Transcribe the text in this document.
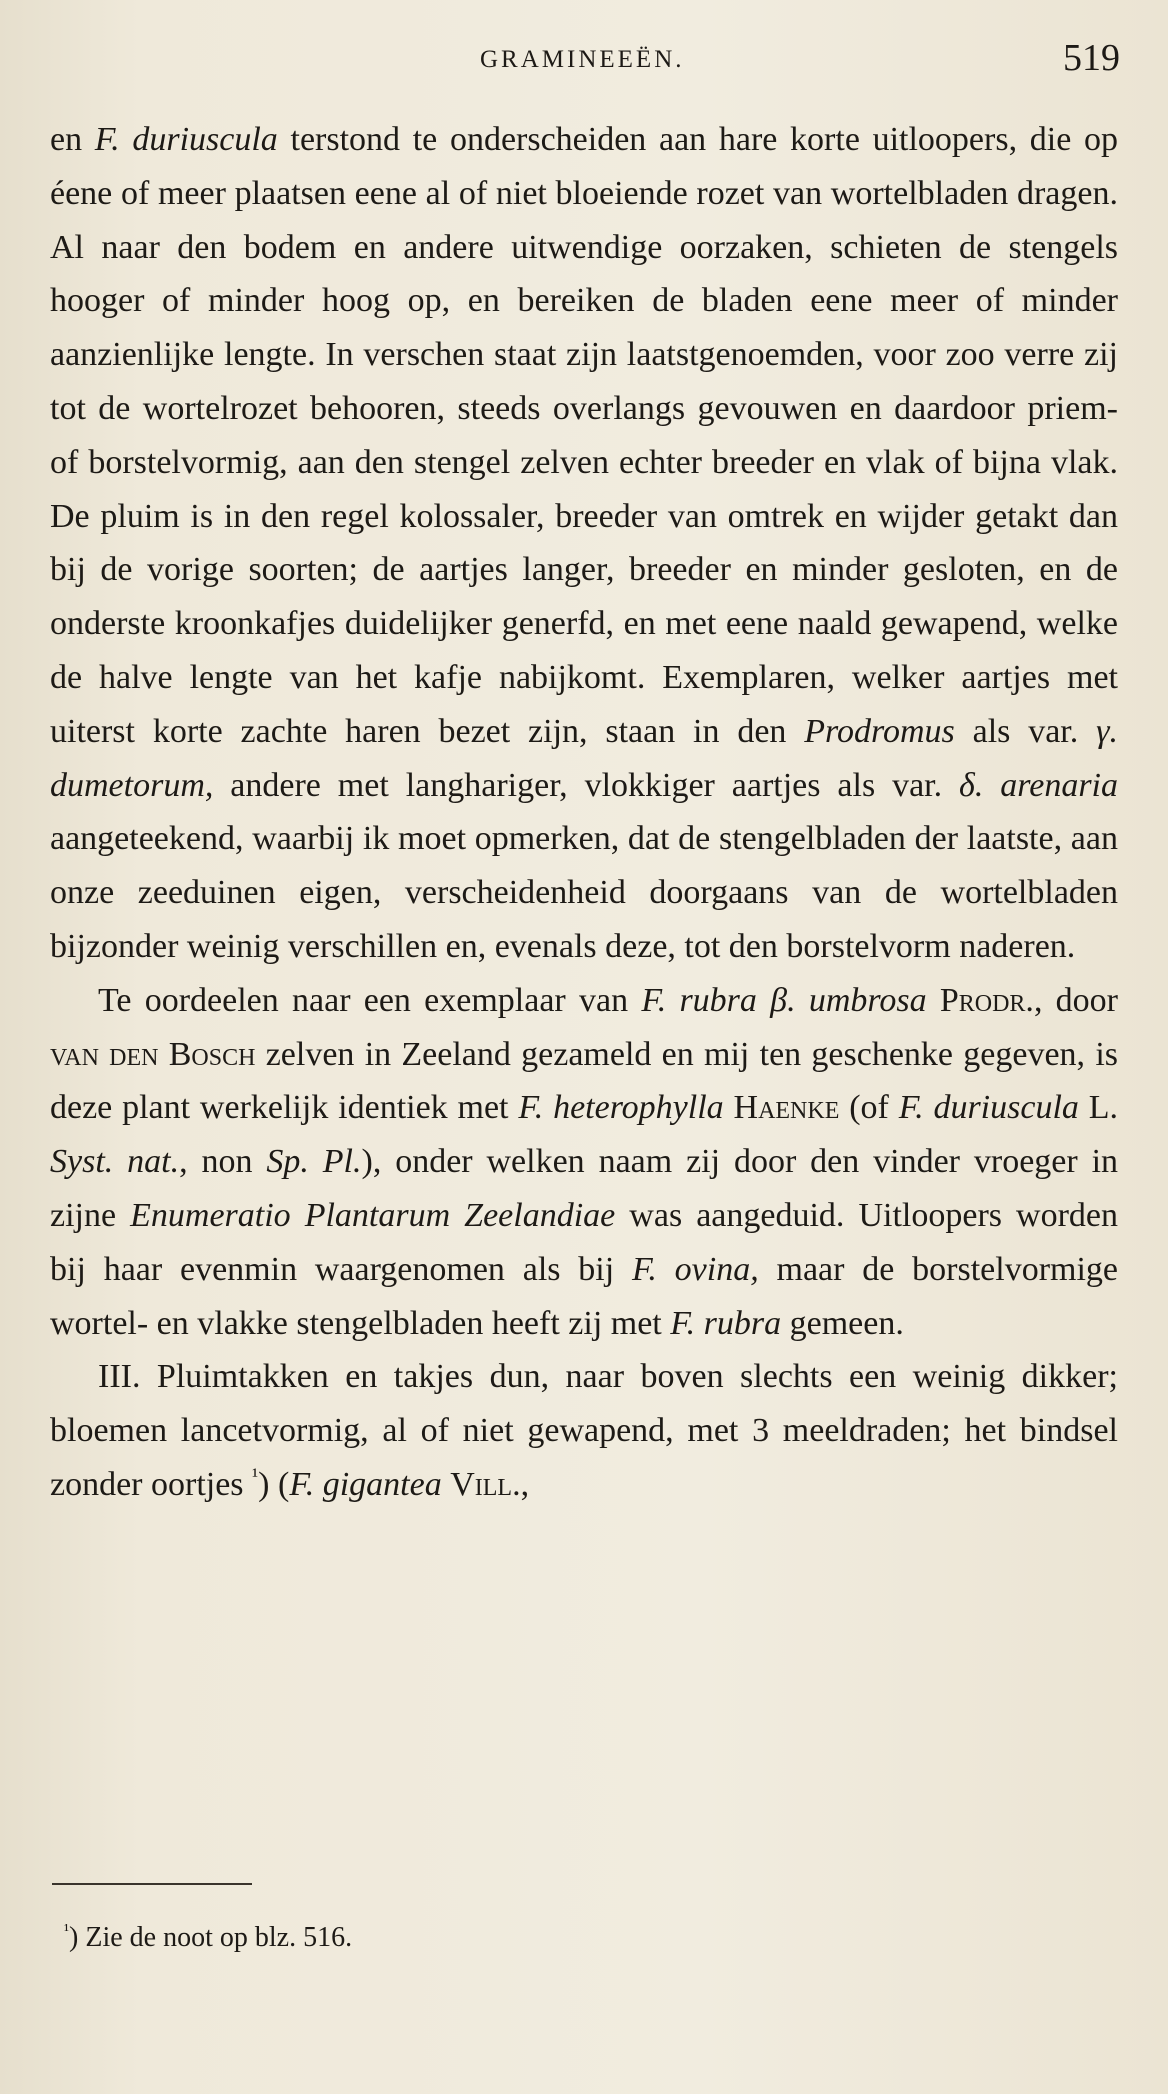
GRAMINEEËN.	519

en F. duriuscula terstond te onderscheiden aan hare korte uitloopers, die op éene of meer plaatsen eene al of niet bloeiende rozet van wortelbladen dragen. Al naar den bodem en andere uitwendige oorzaken, schieten de stengels hooger of minder hoog op, en bereiken de bladen eene meer of minder aanzienlijke lengte. In verschen staat zijn laatstgenoemden, voor zoo verre zij tot de wortelrozet behooren, steeds overlangs gevouwen en daardoor priem- of borstelvormig, aan den stengel zelven echter breeder en vlak of bijna vlak. De pluim is in den regel kolossaler, breeder van omtrek en wijder getakt dan bij de vorige soorten; de aartjes langer, breeder en minder gesloten, en de onderste kroonkafjes duidelijker generfd, en met eene naald gewapend, welke de halve lengte van het kafje nabijkomt. Exemplaren, welker aartjes met uiterst korte zachte haren bezet zijn, staan in den Prodromus als var. γ. dumetorum, andere met langhariger, vlokkiger aartjes als var. δ. arenaria aangeteekend, waarbij ik moet opmerken, dat de stengelbladen der laatste, aan onze zeeduinen eigen, verscheidenheid doorgaans van de wortelbladen bijzonder weinig verschillen en, evenals deze, tot den borstelvorm naderen.

Te oordeelen naar een exemplaar van F. rubra β. umbrosa Prodr., door van den Bosch zelven in Zeeland gezameld en mij ten geschenke gegeven, is deze plant werkelijk identiek met F. heterophylla Haenke (of F. duriuscula L. Syst. nat., non Sp. Pl.), onder welken naam zij door den vinder vroeger in zijne Enumeratio Plantarum Zeelandiae was aangeduid. Uitloopers worden bij haar evenmin waargenomen als bij F. ovina, maar de borstelvormige wortel- en vlakke stengelbladen heeft zij met F. rubra gemeen.

III. Pluimtakken en takjes dun, naar boven slechts een weinig dikker; bloemen lancetvormig, al of niet gewapend, met 3 meeldraden; het bindsel zonder oortjes $^{^1}$) (F. gigantea Vill.,

$^{^1}$) Zie de noot op blz. 516.
